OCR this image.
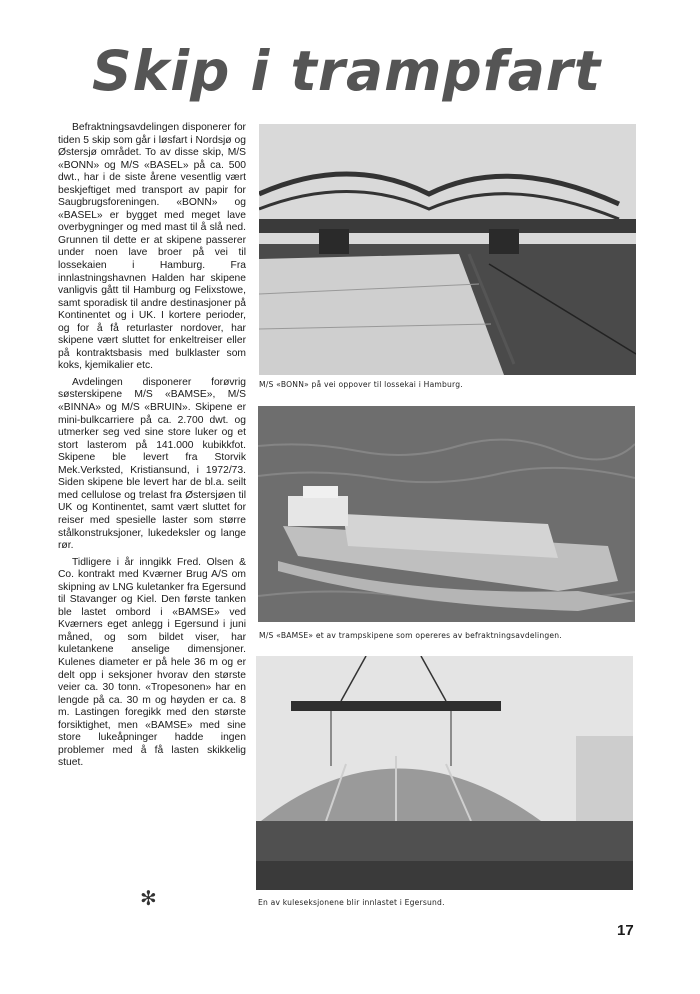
Skip i trampfart

Befraktningsavdelingen disponerer for tiden 5 skip som går i løsfart i Nordsjø og Østersjø området. To av disse skip, M/S «BONN» og M/S «BASEL» på ca. 500 dwt., har i de siste årene vesentlig vært beskjeftiget med transport av papir for Saugbrugsforeningen. «BONN» og «BASEL» er bygget med meget lave overbygninger og med mast til å slå ned. Grunnen til dette er at skipene passerer under noen lave broer på vei til lossekaien i Hamburg. Fra innlastningshavnen Halden har skipene vanligvis gått til Hamburg og Felixstowe, samt sporadisk til andre destinasjoner på Kontinentet og i UK. I kortere perioder, og for å få returlaster nordover, har skipene vært sluttet for enkeltreiser eller på kontraktsbasis med bulklaster som koks, kjemikalier etc.

Avdelingen disponerer forøvrig søsterskipene M/S «BAMSE», M/S «BINNA» og M/S «BRUIN». Skipene er mini-bulkcarriere på ca. 2.700 dwt. og utmerker seg ved sine store luker og et stort lasterom på 141.000 kubikkfot. Skipene ble levert fra Storvik Mek.Verksted, Kristiansund, i 1972/73. Siden skipene ble levert har de bl.a. seilt med cellulose og trelast fra Østersjøen til UK og Kontinentet, samt vært sluttet for reiser med spesielle laster som større stålkonstruksjoner, lukedeksler og lange rør.

Tidligere i år inngikk Fred. Olsen & Co. kontrakt med Kværner Brug A/S om skipning av LNG kuletanker fra Egersund til Stavanger og Kiel. Den første tanken ble lastet ombord i «BAMSE» ved Kværners eget anlegg i Egersund i juni måned, og som bildet viser, har kuletankene anselige dimensjoner. Kulenes diameter er på hele 36 m og er delt opp i seksjoner hvorav den største veier ca. 30 tonn. «Tropesonen» har en lengde på ca. 30 m og høyden er ca. 8 m. Lastingen foregikk med den største forsiktighet, men «BAMSE» med sine store lukeåpninger hadde ingen problemer med å få lasten skikkelig stuet.

✻
M/S «BONN» på vei oppover til lossekai i Hamburg.
M/S «BAMSE» et av trampskipene som opereres av befraktningsavdelingen.
En av kuleseksjonene blir innlastet i Egersund.
17
